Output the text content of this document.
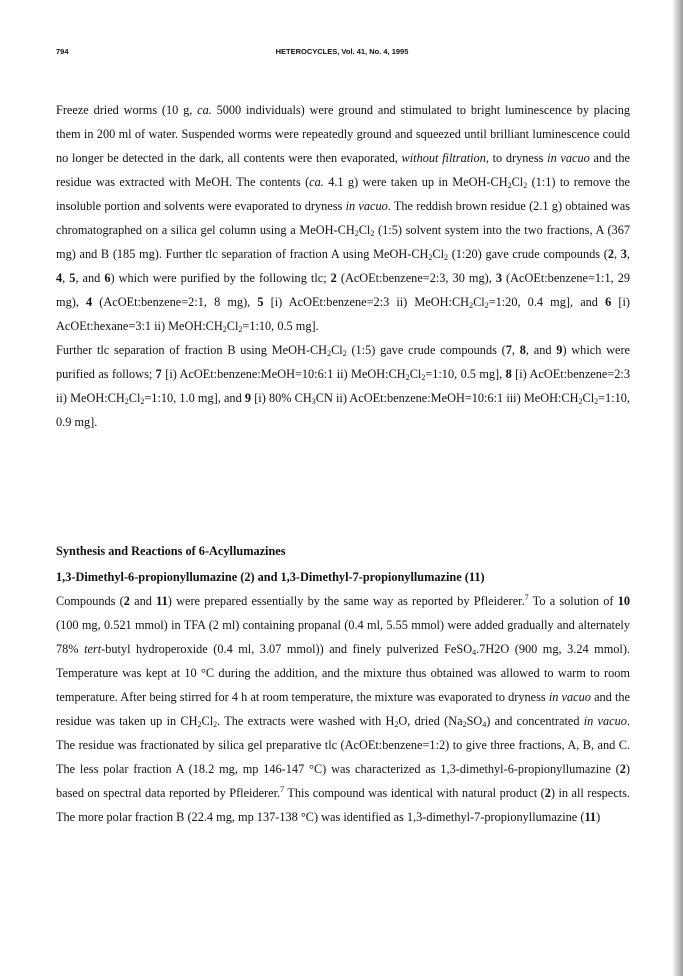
794	HETEROCYCLES, Vol. 41, No. 4, 1995

Freeze dried worms (10 g, ca. 5000 individuals) were ground and stimulated to bright luminescence by placing them in 200 ml of water. Suspended worms were repeatedly ground and squeezed until brilliant luminescence could no longer be detected in the dark, all contents were then evaporated, without filtration, to dryness in vacuo and the residue was extracted with MeOH. The contents (ca. 4.1 g) were taken up in MeOH-$CH_2Cl_2$ (1:1) to remove the insoluble portion and solvents were evaporated to dryness in vacuo. The reddish brown residue (2.1 g) obtained was chromatographed on a silica gel column using a MeOH-$CH_2Cl_2$ (1:5) solvent system into the two fractions, A (367 mg) and B (185 mg). Further tlc separation of fraction A using MeOH-$CH_2Cl_2$ (1:20) gave crude compounds (2, 3, 4, 5, and 6) which were purified by the following tlc; 2 (AcOEt:benzene=2:3, 30 mg), 3 (AcOEt:benzene=1:1, 29 mg), 4 (AcOEt:benzene=2:1, 8 mg), 5 [i) AcOEt:benzene=2:3 ii) $MeOH:CH_2Cl_2=1:20$, 0.4 mg], and 6 [i) AcOEt:hexane=3:1 ii) $MeOH:CH_2Cl_2=1:10$, 0.5 mg].

Further tlc separation of fraction B using MeOH-$CH_2Cl_2$ (1:5) gave crude compounds (7, 8, and 9) which were purified as follows; 7 [i) AcOEt:benzene:MeOH=10:6:1 ii) $MeOH:CH_2Cl_2=1:10$, 0.5 mg], 8 [i) AcOEt:benzene=2:3 ii) $MeOH:CH_2Cl_2=1:10$, 1.0 mg], and 9 [i) 80% $CH_3CN$ ii) AcOEt:benzene:MeOH=10:6:1 iii) $MeOH:CH_2Cl_2=1:10$, 0.9 mg].

Synthesis and Reactions of 6-Acyllumazines
1,3-Dimethyl-6-propionyllumazine (2) and 1,3-Dimethyl-7-propionyllumazine (11)

Compounds (2 and 11) were prepared essentially by the same way as reported by Pfleiderer.$^7$ To a solution of 10 (100 mg, 0.521 mmol) in TFA (2 ml) containing propanal (0.4 ml, 5.55 mmol) were added gradually and alternately 78% tert-butyl hydroperoxide (0.4 ml, 3.07 mmol)) and finely pulverized FeSO$_4$.7H2O (900 mg, 3.24 mmol). Temperature was kept at 10 °C during the addition, and the mixture thus obtained was allowed to warm to room temperature. After being stirred for 4 h at room temperature, the mixture was evaporated to dryness in vacuo and the residue was taken up in $CH_2Cl_2$. The extracts were washed with $H_2O$, dried $(Na_2SO_4)$ and concentrated in vacuo. The residue was fractionated by silica gel preparative tlc (AcOEt:benzene=1:2) to give three fractions, A, B, and C. The less polar fraction A (18.2 mg, mp 146-147 °C) was characterized as 1,3-dimethyl-6-propionyllumazine (2) based on spectral data reported by Pfleiderer.$^7$ This compound was identical with natural product (2) in all respects. The more polar fraction B (22.4 mg, mp 137-138 °C) was identified as 1,3-dimethyl-7-propionyllumazine (11)
